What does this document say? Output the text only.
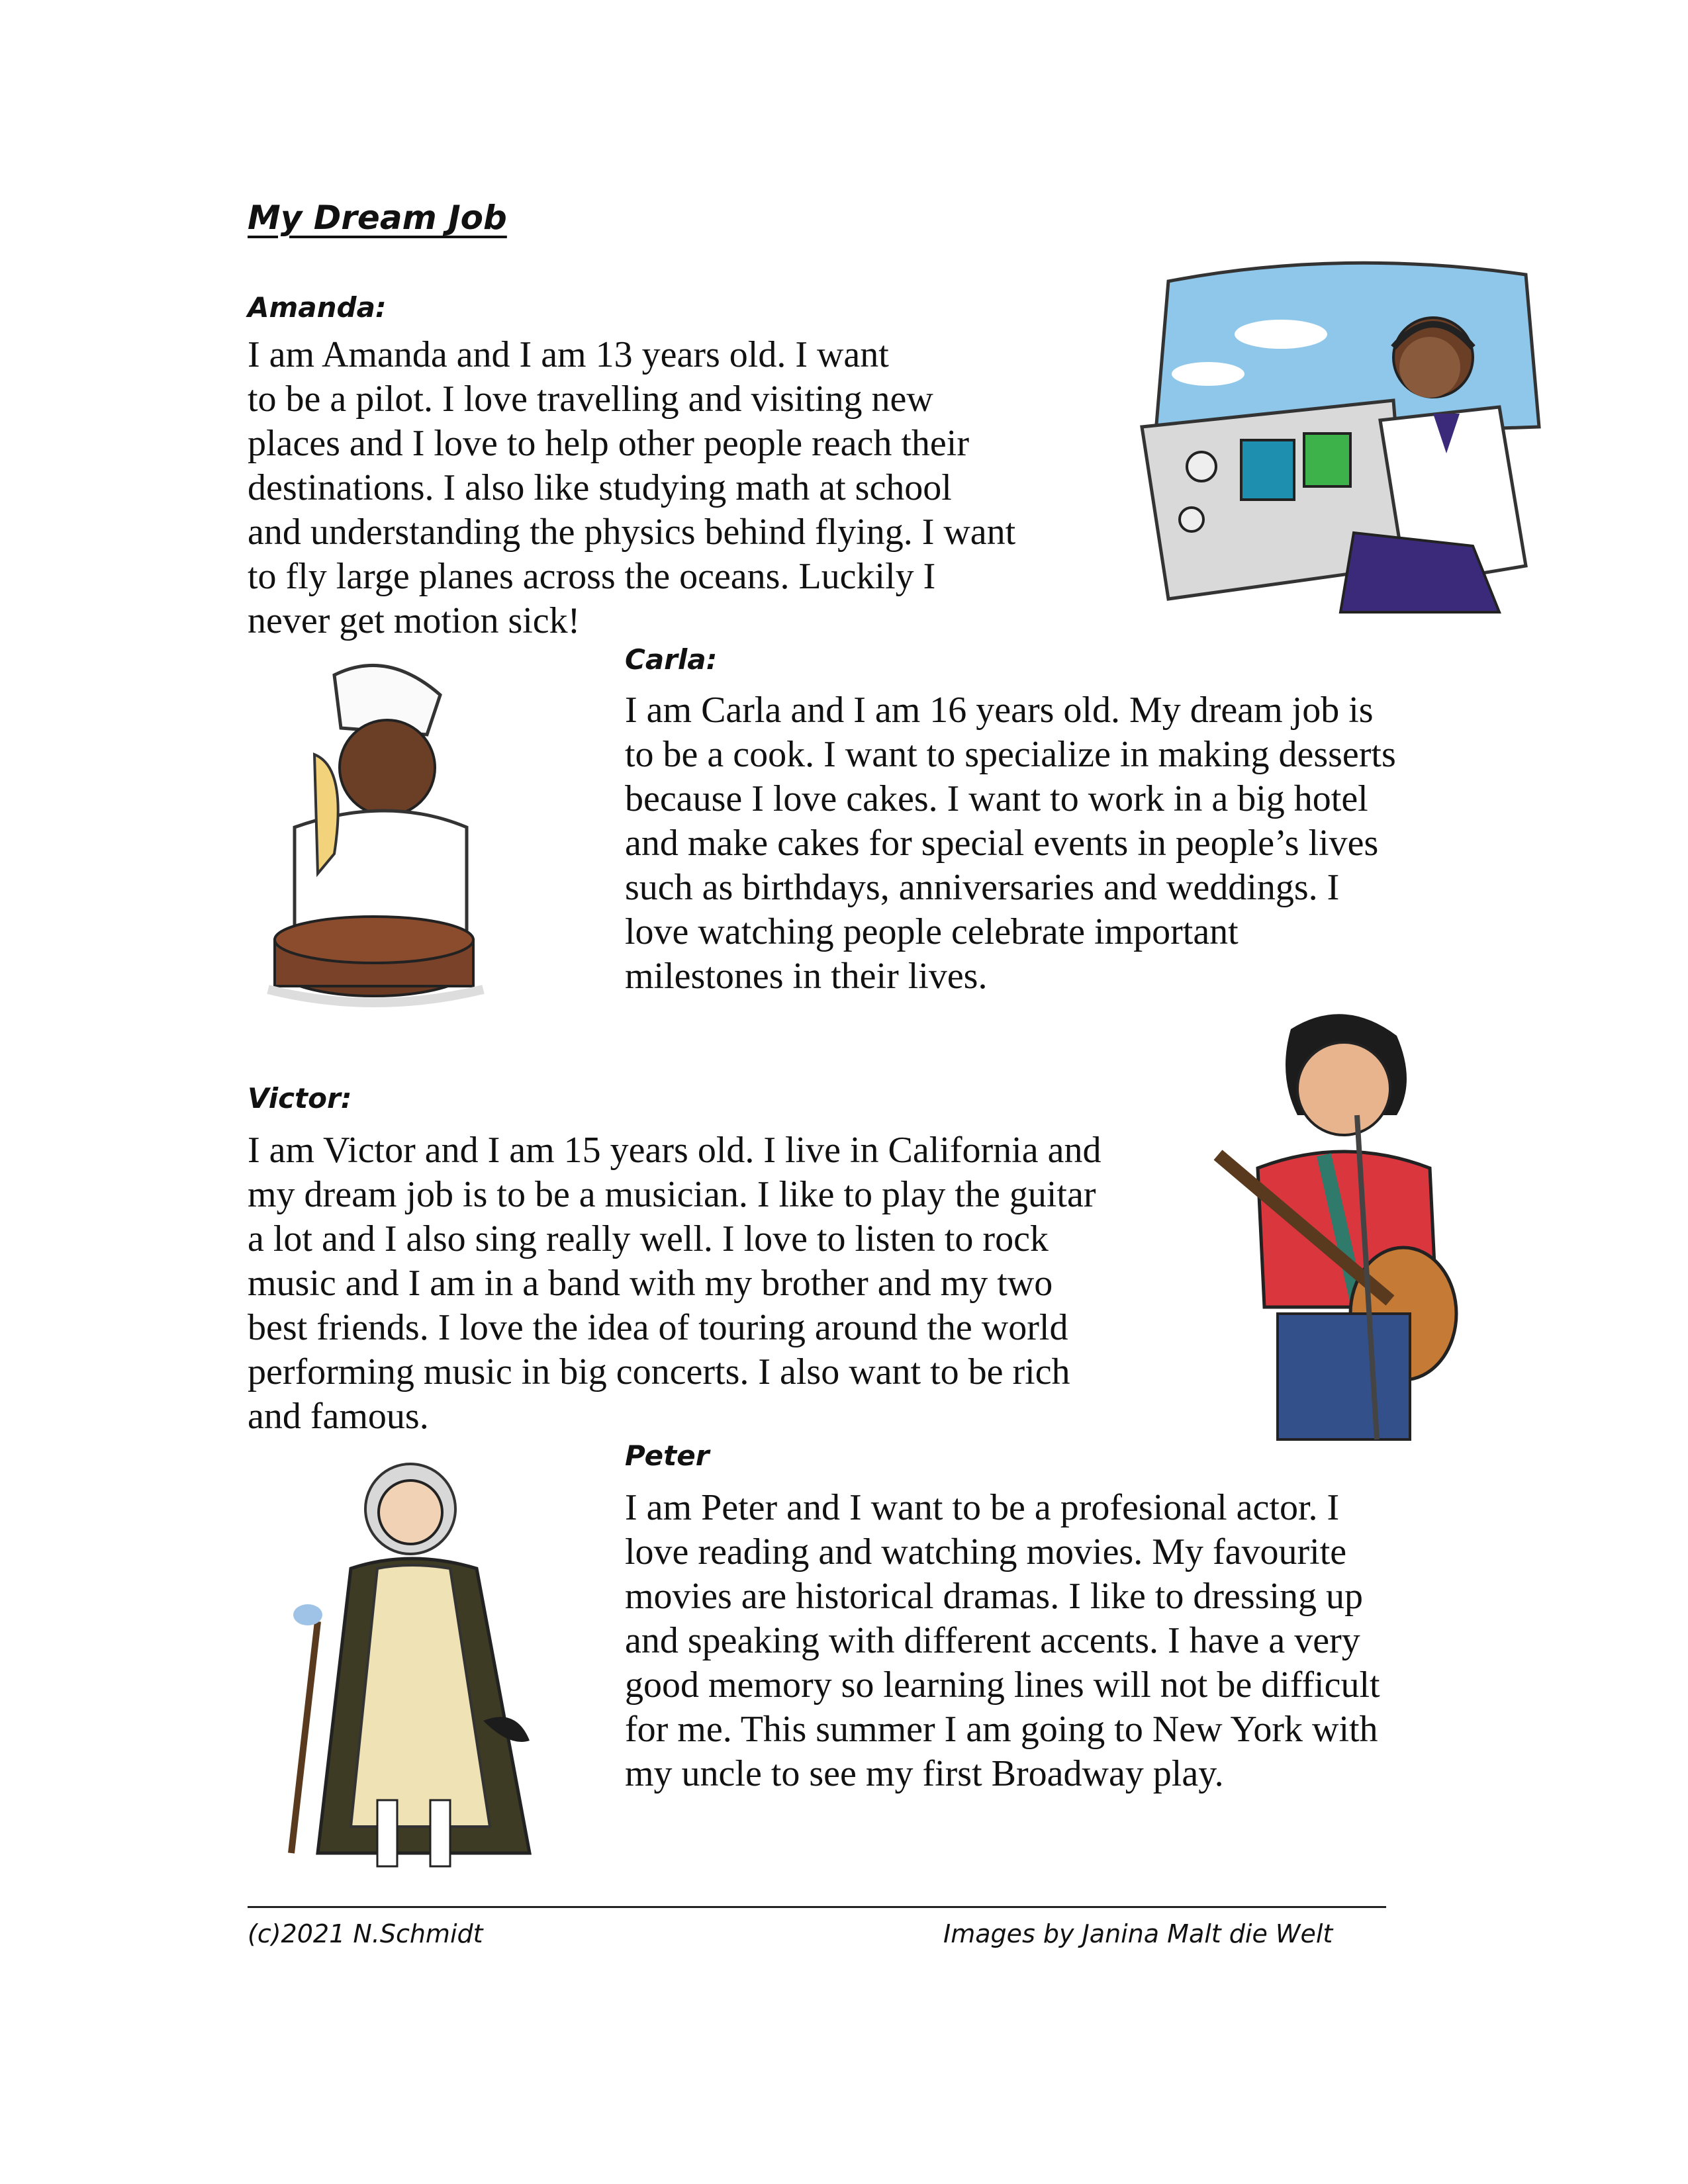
My Dream Job

Amanda:

I am Amanda and I am 13 years old. I want
to be a pilot. I love travelling and visiting new
places and I love to help other people reach their
destinations. I also like studying math at school
and understanding the physics behind flying. I want
to fly large planes across the oceans. Luckily I
never get motion sick!

Carla:

I am Carla and I am 16 years old. My dream job is
to be a cook. I want to specialize in making desserts
because I love cakes. I want to work in a big hotel
and make cakes for special events in people’s lives
such as birthdays, anniversaries and weddings. I
love watching people celebrate important
milestones in their lives.

Victor:

I am Victor and I am 15 years old. I live in California and
my dream job is to be a musician. I like to play the guitar
a lot and I also sing really well. I love to listen to rock
music and I am in a band with my brother and my two
best friends. I love the idea of touring around the world
performing music in big concerts. I also want to be rich
and famous.

Peter

I am Peter and I want to be a profesional actor. I
love reading and watching movies. My favourite
movies are historical dramas. I like to dressing up
and speaking with different accents. I have a very
good memory so learning lines will not be difficult
for me. This summer I am going to New York with
my uncle to see my first Broadway play.

(c)2021 N.Schmidt	Images by Janina Malt die Welt
